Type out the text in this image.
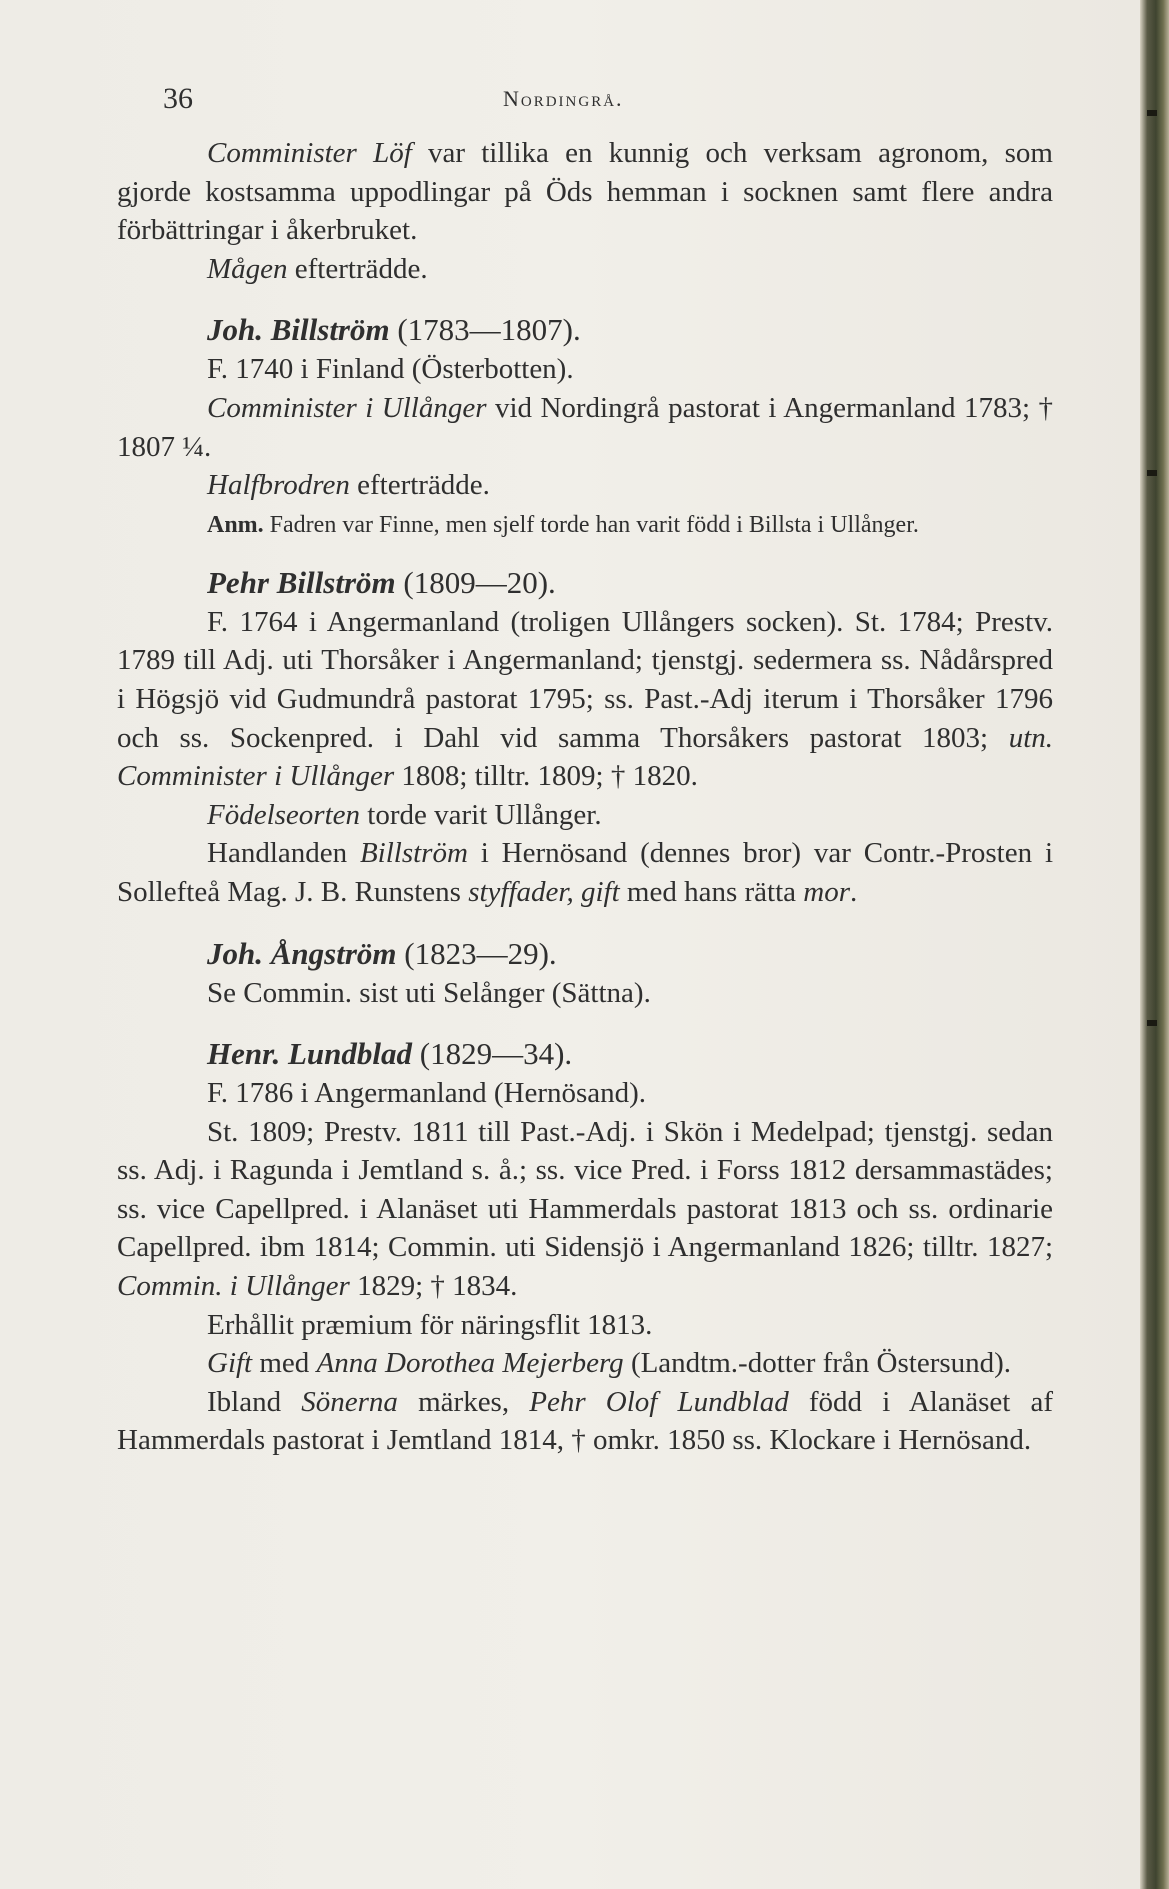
36	Nordingrå.

Comminister Löf var tillika en kunnig och verksam agronom, som gjorde kostsamma uppodlingar på Öds hemman i socknen samt flere andra förbättringar i åkerbruket.

Mågen efterträdde.

Joh. Billström (1783—1807).

F. 1740 i Finland (Österbotten).

Comminister i Ullånger vid Nordingrå pastorat i Angermanland 1783; † 1807 ¼.

Halfbrodren efterträdde.

Anm. Fadren var Finne, men sjelf torde han varit född i Billsta i Ullånger.

Pehr Billström (1809—20).

F. 1764 i Angermanland (troligen Ullångers socken). St. 1784; Prestv. 1789 till Adj. uti Thorsåker i Angermanland; tjenstgj. sedermera ss. Nådårspred i Högsjö vid Gudmundrå pastorat 1795; ss. Past.-Adj iterum i Thorsåker 1796 och ss. Sockenpred. i Dahl vid samma Thorsåkers pastorat 1803; utn. Comminister i Ullånger 1808; tilltr. 1809; † 1820.

Födelseorten torde varit Ullånger.

Handlanden Billström i Hernösand (dennes bror) var Contr.-Prosten i Sollefteå Mag. J. B. Runstens styffader, gift med hans rätta mor.

Joh. Ångström (1823—29).

Se Commin. sist uti Selånger (Sättna).

Henr. Lundblad (1829—34).

F. 1786 i Angermanland (Hernösand).

St. 1809; Prestv. 1811 till Past.-Adj. i Skön i Medelpad; tjenstgj. sedan ss. Adj. i Ragunda i Jemtland s. å.; ss. vice Pred. i Forss 1812 dersammastädes; ss. vice Capellpred. i Alanäset uti Hammerdals pastorat 1813 och ss. ordinarie Capellpred. ibm 1814; Commin. uti Sidensjö i Angermanland 1826; tilltr. 1827; Commin. i Ullånger 1829; † 1834.

Erhållit præmium för näringsflit 1813.

Gift med Anna Dorothea Mejerberg (Landtm.-dotter från Östersund).

Ibland Sönerna märkes, Pehr Olof Lundblad född i Alanäset af Hammerdals pastorat i Jemtland 1814, † omkr. 1850 ss. Klockare i Hernösand.
